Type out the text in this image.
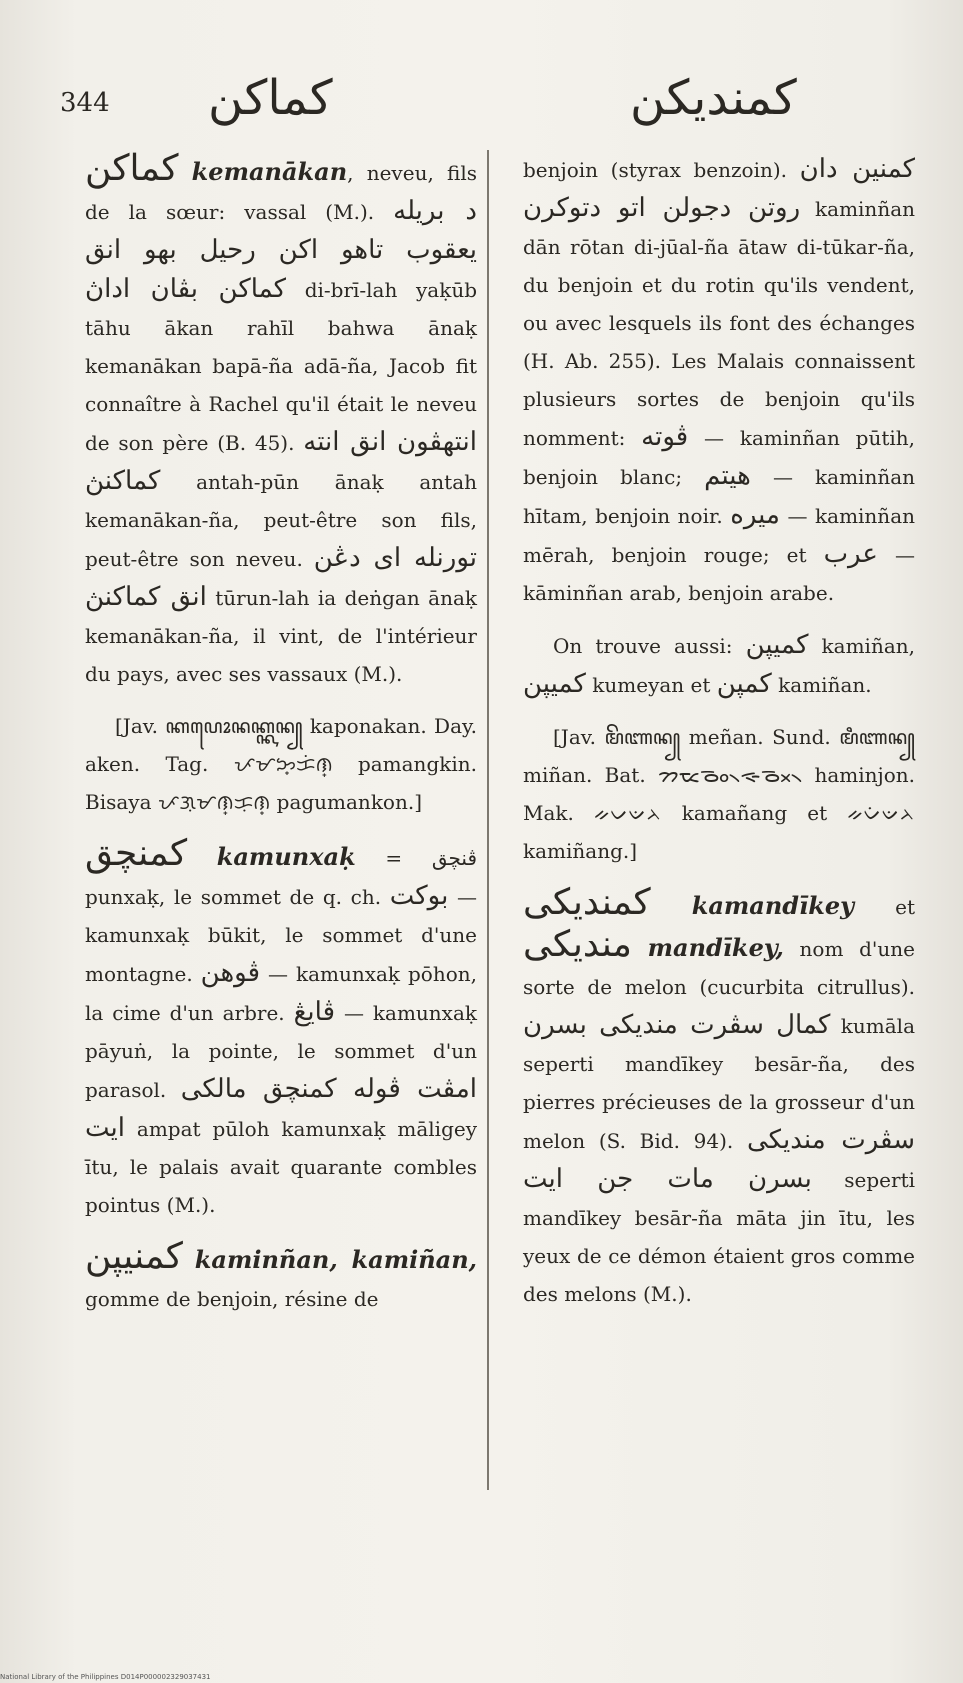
344 كماكن	كمنديكن

كماكن kemanākan, neveu, fils de la sœur: vassal (M.). د بريله يعقوب تاهو اكن رحيل بهو انق كماكن بڤان اداڽ di-brī-lah yaḳūb tāhu ākan rahīl bahwa ānaḳ kemanākan bapā-ña adā-ña, Jacob fit connaître à Rachel qu'il était le neveu de son père (B. 45). انتهڤون انق انته كماكنڽ antah-pūn ānaḳ antah kemanākan-ña, peut-être son fils, peut-être son neveu. تورنله اى دڠن انق كماكنڽ tūrun-lah ia deṅgan ānaḳ kemanākan-ña, il vint, de l'intérieur du pays, avec ses vassaux (M.).

[Jav. ꦏꦥꦺꦴꦤꦏ꧀ꦏꦤ꧀ kaponakan. Day. aken. Tag. ᜉᜋᜅ᜔ᜃᜒᜈ᜔ pamangkin. Bisaya ᜉᜄᜓᜋᜈ᜔ᜃᜓᜈ᜔ pagumankon.]

كمنچق kamunxaḳ = ڤنچق punxaḳ, le sommet de q. ch. بوكت — kamunxaḳ būkit, le sommet d'une montagne. ڤوهن — kamunxaḳ pōhon, la cime d'un arbre. ڤايڠ — kamunxaḳ pāyuṅ, la pointe, le sommet d'un parasol. امڤت ڤوله كمنچق مالكى ايت ampat pūloh kamunxaḳ māligey ītu, le palais avait quarante combles pointus (M.).

كمنيڽن kaminñan, kamiñan, gomme de benjoin, résine de

benjoin (styrax benzoin). كمنين دان روتن دجولن اتو دتوكرن kaminñan dān rōtan di-jūal-ña ātaw di-tūkar-ña, du benjoin et du rotin qu'ils vendent, ou avec lesquels ils font des échanges (H. Ab. 255). Les Malais connaissent plusieurs sortes de benjoin qu'ils nomment: ڤوته — kaminñan pūtih, benjoin blanc; هيتم — kaminñan hītam, benjoin noir. ميره — kaminñan mērah, benjoin rouge; et عرب — kāminñan arab, benjoin arabe.

On trouve aussi: كميڽن kamiñan, كميڽن kumeyan et كمڽن kamiñan.

[Jav. ꦩꦼꦚꦤ꧀ meñan. Sund. ꦩꦶꦚꦤ꧀ miñan. Bat. ᯂᯔᯪᯉ᯲ᯐᯬᯉ᯲ haminjon. Mak. ᨀᨆᨉᨂ kamañang et ᨀᨆᨗᨉᨂ kamiñang.]

كمنديكى kamandīkey et منديكى mandīkey, nom d'une sorte de melon (cucurbita citrullus). كمال سڤرت منديكى بسرن kumāla seperti mandīkey besār-ña, des pierres précieuses de la grosseur d'un melon (S. Bid. 94). سڤرت منديكى بسرن مات جن ايت seperti mandīkey besār-ña māta jin ītu, les yeux de ce démon étaient gros comme des melons (M.).

National Library of the Philippines D014P000002329037431
